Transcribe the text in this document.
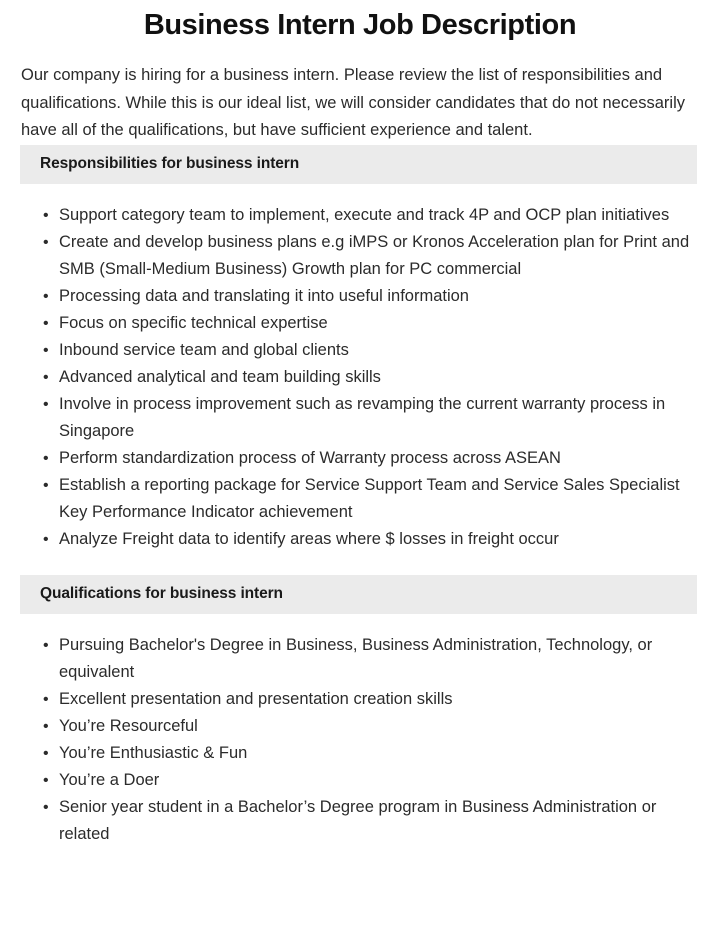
Business Intern Job Description

Our company is hiring for a business intern. Please review the list of responsibilities and qualifications. While this is our ideal list, we will consider candidates that do not necessarily have all of the qualifications, but have sufficient experience and talent.

Responsibilities for business intern
• Support category team to implement, execute and track 4P and OCP plan initiatives
• Create and develop business plans e.g iMPS or Kronos Acceleration plan for Print and SMB (Small-Medium Business) Growth plan for PC commercial
• Processing data and translating it into useful information
• Focus on specific technical expertise
• Inbound service team and global clients
• Advanced analytical and team building skills
• Involve in process improvement such as revamping the current warranty process in Singapore
• Perform standardization process of Warranty process across ASEAN
• Establish a reporting package for Service Support Team and Service Sales Specialist Key Performance Indicator achievement
• Analyze Freight data to identify areas where $ losses in freight occur
Qualifications for business intern
• Pursuing Bachelor's Degree in Business, Business Administration, Technology, or equivalent
• Excellent presentation and presentation creation skills
• You’re Resourceful
• You’re Enthusiastic & Fun
• You’re a Doer
• Senior year student in a Bachelor’s Degree program in Business Administration or related
